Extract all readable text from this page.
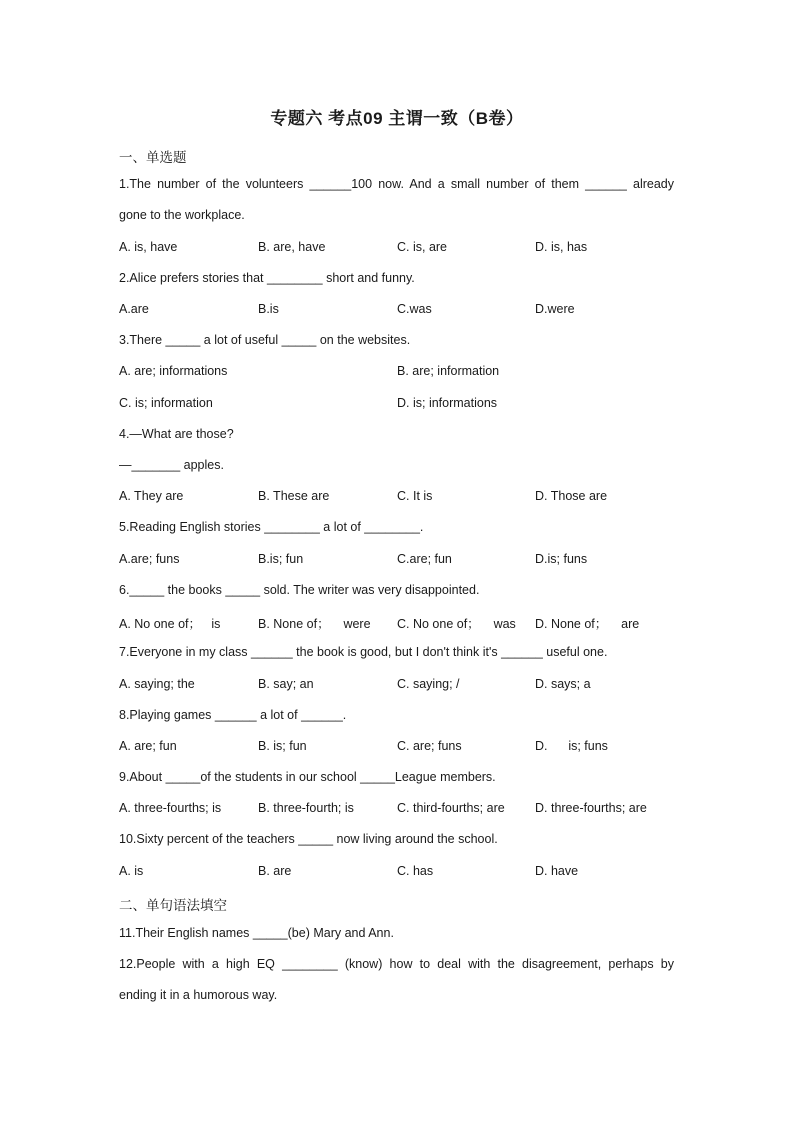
专题六 考点09 主谓一致（B卷）
一、单选题
1.The number of the volunteers ______100 now. And a small number of them ______ already
gone to the workplace.
A. is, have	B. are, have	C. is, are	D. is, has
2.Alice prefers stories that ________ short and funny.
A.are	B.is	C.was	D.were
3.There _____ a lot of useful _____ on the websites.
A. are; informations	B. are; information
C. is; information	D. is; informations
4.—What are those?
—_______ apples.
A. They are	B. These are	C. It is	D. Those are
5.Reading English stories ________ a lot of ________.
A.are; funs	B.is; fun	C.are; fun	D.is; funs
6._____ the books _____ sold. The writer was very disappointed.
A. No one of；   is	B. None of；    were C. No one of；    was D. None of；    are
7.Everyone in my class ______ the book is good, but I don't think it's ______ useful one.
A. saying; the	B. say; an	C. saying; /	D. says; a
8.Playing games ______ a lot of ______.
A. are; fun	B. is; fun	C. are; funs	D.      is; funs
9.About _____of the students in our school _____League members.
A. three-fourths; is	B. three-fourth; is	C. third-fourths; are D. three-fourths; are
10.Sixty percent of the teachers _____ now living around the school.
A. is	B. are	C. has	D. have
二、单句语法填空
11.Their English names _____(be) Mary and Ann.
12.People with a high EQ ________ (know) how to deal with the disagreement, perhaps by
ending it in a humorous way.
